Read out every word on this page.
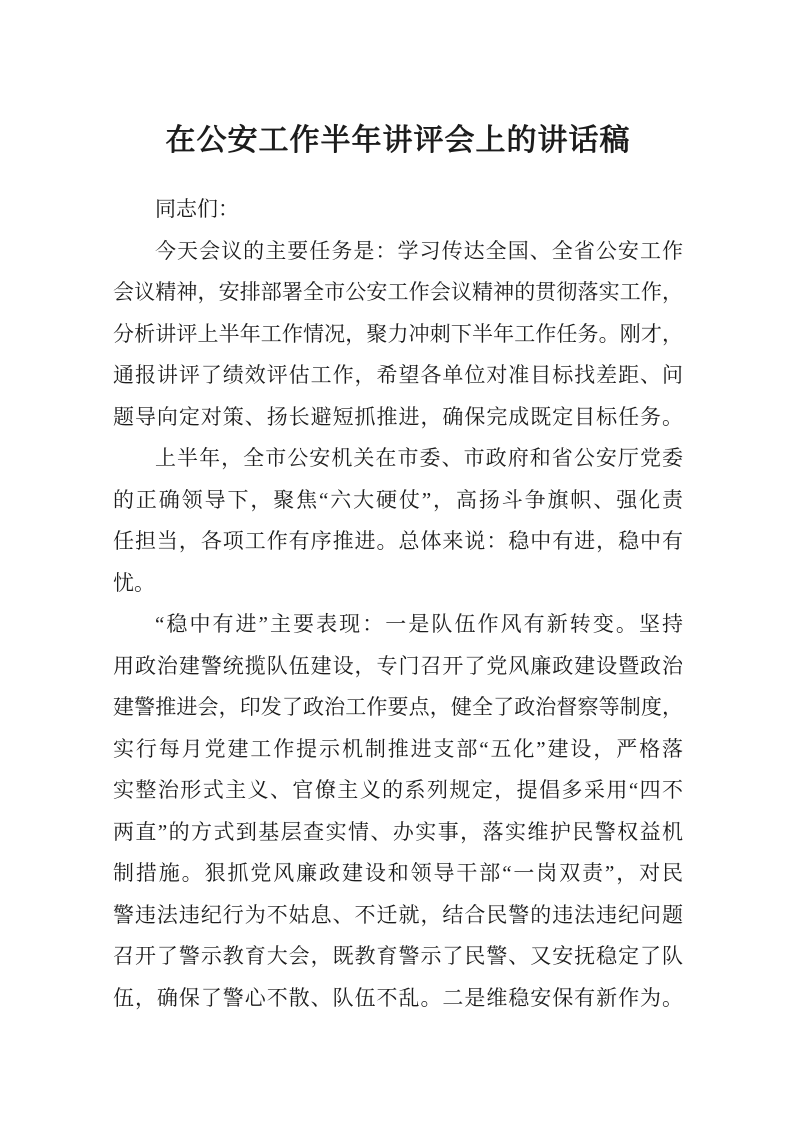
在公安工作半年讲评会上的讲话稿
同志们：
今天会议的主要任务是：学习传达全国、全省公安工作
会议精神，安排部署全市公安工作会议精神的贯彻落实工作，
分析讲评上半年工作情况，聚力冲刺下半年工作任务。刚才，
通报讲评了绩效评估工作，希望各单位对准目标找差距、问
题导向定对策、扬长避短抓推进，确保完成既定目标任务。
上半年，全市公安机关在市委、市政府和省公安厅党委
的正确领导下，聚焦“六大硬仗”，高扬斗争旗帜、强化责
任担当，各项工作有序推进。总体来说：稳中有进，稳中有
忧。
“稳中有进”主要表现：一是队伍作风有新转变。坚持
用政治建警统揽队伍建设，专门召开了党风廉政建设暨政治
建警推进会，印发了政治工作要点，健全了政治督察等制度，
实行每月党建工作提示机制推进支部“五化”建设，严格落
实整治形式主义、官僚主义的系列规定，提倡多采用“四不
两直”的方式到基层查实情、办实事，落实维护民警权益机
制措施。狠抓党风廉政建设和领导干部“一岗双责”，对民
警违法违纪行为不姑息、不迁就，结合民警的违法违纪问题
召开了警示教育大会，既教育警示了民警、又安抚稳定了队
伍，确保了警心不散、队伍不乱。二是维稳安保有新作为。
